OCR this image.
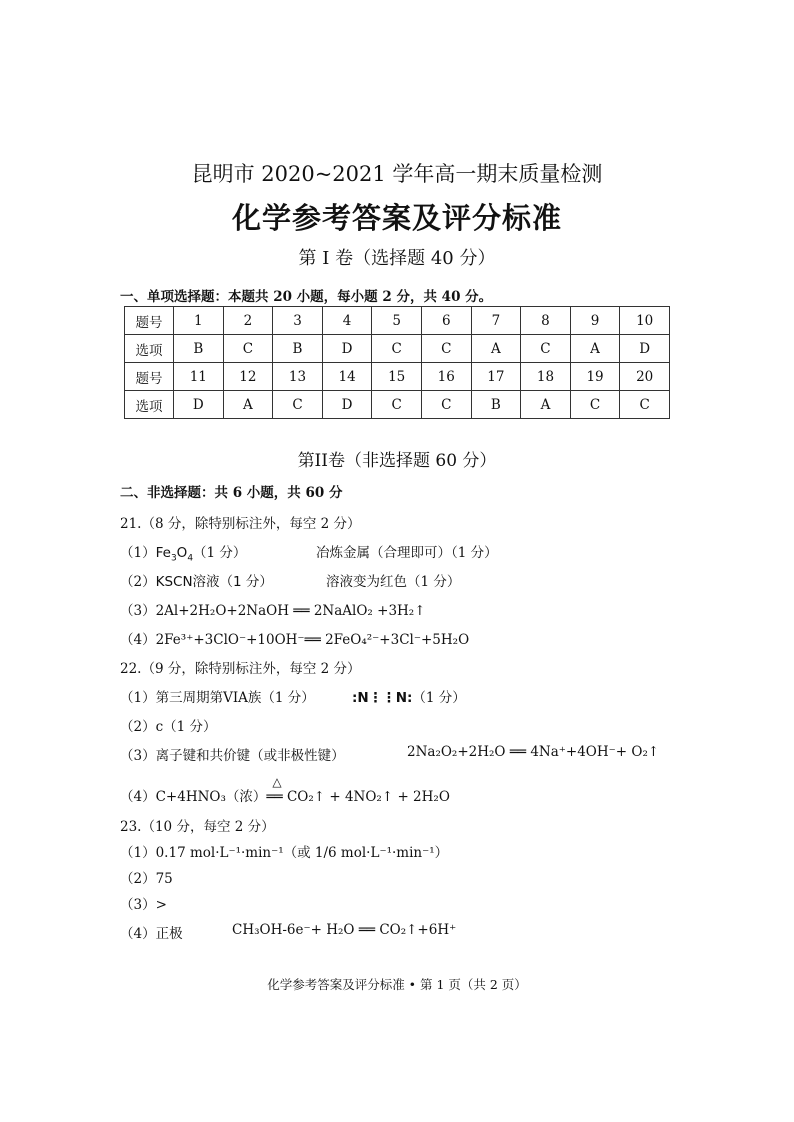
昆明市 2020~2021 学年高一期末质量检测
化学参考答案及评分标准
第 I 卷（选择题 40 分）
一、单项选择题：本题共 20 小题，每小题 2 分，共 40 分。
题号	1	2	3	4	5	6	7	8	9	10
选项	B	C	B	D	C	C	A	C	A	D
题号	11	12	13	14	15	16	17	18	19	20
选项	D	A	C	D	C	C	B	A	C	C
第II卷（非选择题 60 分）
二、非选择题：共 6 小题，共 60 分
21.（8 分，除特别标注外，每空 2 分）
$(1)Fe_3O_4(1$ 分）	冶炼金属（合理即可）（1 分）
（2）KSCN溶液（1 分）	溶液变为红色（1 分）
（3）2Al+2H₂O+2NaOH ══ 2NaAlO₂ +3H₂↑
（4）2Fe³⁺+3ClO⁻+10OH⁻══ 2FeO₄²⁻+3Cl⁻+5H₂O
22.（9 分，除特别标注外，每空 2 分）
（1）第三周期第VIA族（1 分）	:N⋮⋮N:（1 分）
（2）c（1 分）
（3）离子键和共价键（或非极性键）	2Na₂O₂+2H₂O ══ 4Na⁺+4OH⁻+ O₂↑
（4）C+4HNO₃（浓）
△
══ CO₂↑ + 4NO₂↑ + 2H₂O
23.（10 分，每空 2 分）
（1）0.17 mol·L⁻¹·min⁻¹（或 1/6 mol·L⁻¹·min⁻¹）
（2）75
（3）>
（4）正极	CH₃OH-6e⁻+ H₂O ══ CO₂↑+6H⁺
化学参考答案及评分标准 • 第 1 页（共 2 页）
